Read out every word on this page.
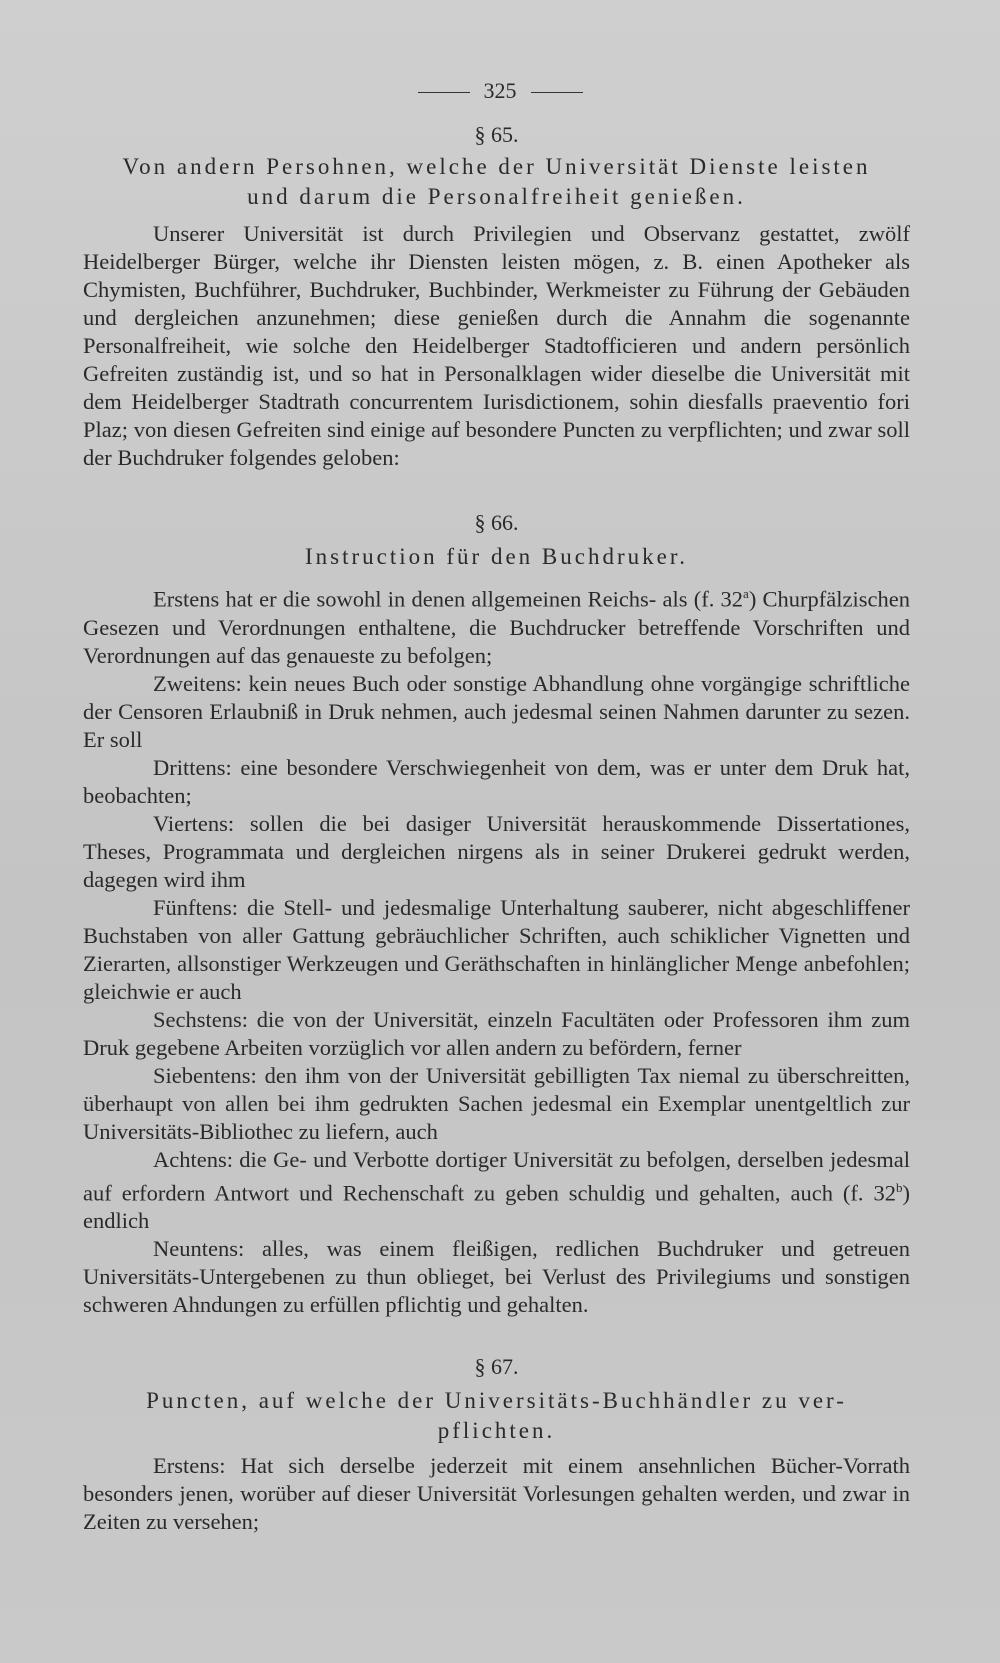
325
§ 65.
Von andern Persohnen, welche der Universität Dienste leisten
und darum die Personalfreiheit genießen.
Unserer Universität ist durch Privilegien und Observanz gestattet, zwölf Heidelberger Bürger, welche ihr Diensten leisten mögen, z. B. einen Apotheker als Chymisten, Buchführer, Buchdruker, Buchbinder, Werkmeister zu Führung der Gebäuden und dergleichen anzunehmen; diese genießen durch die Annahm die sogenannte Personalfreiheit, wie solche den Heidelberger Stadtofficieren und andern persönlich Gefreiten zuständig ist, und so hat in Personalklagen wider dieselbe die Universität mit dem Heidelberger Stadtrath concurrentem Iurisdictionem, sohin diesfalls praeventio fori Plaz; von diesen Gefreiten sind einige auf besondere Puncten zu verpflichten; und zwar soll der Buchdruker folgendes geloben:
§ 66.
Instruction für den Buchdruker.
Erstens hat er die sowohl in denen allgemeinen Reichs- als (f. 32$^a$) Churpfälzischen Gesezen und Verordnungen enthaltene, die Buchdrucker betreffende Vorschriften und Verordnungen auf das genaueste zu befolgen;
Zweitens: kein neues Buch oder sonstige Abhandlung ohne vorgängige schriftliche der Censoren Erlaubniß in Druk nehmen, auch jedesmal seinen Nahmen darunter zu sezen. Er soll
Drittens: eine besondere Verschwiegenheit von dem, was er unter dem Druk hat, beobachten;
Viertens: sollen die bei dasiger Universität herauskommende Dissertationes, Theses, Programmata und dergleichen nirgens als in seiner Drukerei gedrukt werden, dagegen wird ihm
Fünftens: die Stell- und jedesmalige Unterhaltung sauberer, nicht abgeschliffener Buchstaben von aller Gattung gebräuchlicher Schriften, auch schiklicher Vignetten und Zierarten, allsonstiger Werkzeugen und Geräthschaften in hinlänglicher Menge anbefohlen; gleichwie er auch
Sechstens: die von der Universität, einzeln Facultäten oder Professoren ihm zum Druk gegebene Arbeiten vorzüglich vor allen andern zu befördern, ferner
Siebentens: den ihm von der Universität gebilligten Tax niemal zu überschreitten, überhaupt von allen bei ihm gedrukten Sachen jedesmal ein Exemplar unentgeltlich zur Universitäts-Bibliothec zu liefern, auch
Achtens: die Ge- und Verbotte dortiger Universität zu befolgen, derselben jedesmal auf erfordern Antwort und Rechenschaft zu geben schuldig und gehalten, auch (f. 32$^b$) endlich
Neuntens: alles, was einem fleißigen, redlichen Buchdruker und getreuen Universitäts-Untergebenen zu thun oblieget, bei Verlust des Privilegiums und sonstigen schweren Ahndungen zu erfüllen pflichtig und gehalten.
§ 67.
Puncten, auf welche der Universitäts-Buchhändler zu ver-
pflichten.
Erstens: Hat sich derselbe jederzeit mit einem ansehnlichen Bücher-Vorrath besonders jenen, worüber auf dieser Universität Vorlesungen gehalten werden, und zwar in Zeiten zu versehen;
